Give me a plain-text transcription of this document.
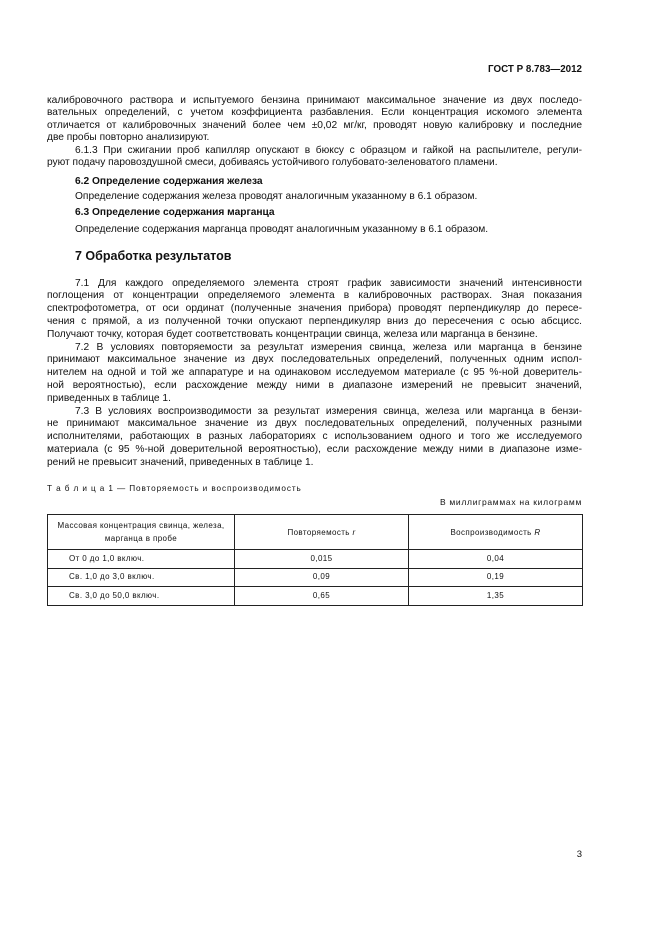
ГОСТ Р 8.783—2012
калибровочного раствора и испытуемого бензина принимают максимальное значение из двух последо-
вательных определений, с учетом коэффициента разбавления. Если концентрация искомого элемента
отличается от калибровочных значений более чем ±0,02 мг/кг, проводят новую калибровку и последние
две пробы повторно анализируют.
6.1.3 При сжигании проб капилляр опускают в бюксу с образцом и гайкой на распылителе, регули-
руют подачу паровоздушной смеси, добиваясь устойчивого голубовато-зеленоватого пламени.
6.2 Определение содержания железа
Определение содержания железа проводят аналогичным указанному в 6.1 образом.
6.3 Определение содержания марганца
Определение содержания марганца проводят аналогичным указанному в 6.1 образом.
7 Обработка результатов
7.1 Для каждого определяемого элемента строят график зависимости значений интенсивности
поглощения от концентрации определяемого элемента в калибровочных растворах. Зная показания
спектрофотометра, от оси ординат (полученные значения прибора) проводят перпендикуляр до пересе-
чения с прямой, а из полученной точки опускают перпендикуляр вниз до пересечения с осью абсцисс.
Получают точку, которая будет соответствовать концентрации свинца, железа или марганца в бензине.
7.2 В условиях повторяемости за результат измерения свинца, железа или марганца в бензине
принимают максимальное значение из двух последовательных определений, полученных одним испол-
нителем на одной и той же аппаратуре и на одинаковом исследуемом материале (с 95 %-ной доверитель-
ной вероятностью), если расхождение между ними в диапазоне измерений не превысит значений,
приведенных в таблице 1.
7.3 В условиях воспроизводимости за результат измерения свинца, железа или марганца в бензи-
не принимают максимальное значение из двух последовательных определений, полученных разными
исполнителями, работающих в разных лабораториях с использованием одного и того же исследуемого
материала (с 95 %-ной доверительной вероятностью), если расхождение между ними в диапазоне изме-
рений не превысит значений, приведенных в таблице 1.
Т а б л и ц а 1 — Повторяемость и воспроизводимость
В миллиграммах на килограмм
Массовая концентрация свинца, железа,
марганца в пробе	Повторяемость r	Воспроизводимость R
От 0 до 1,0 включ.	0,015	0,04
Св. 1,0 до 3,0 включ.	0,09	0,19
Св. 3,0 до 50,0 включ.	0,65	1,35
3
